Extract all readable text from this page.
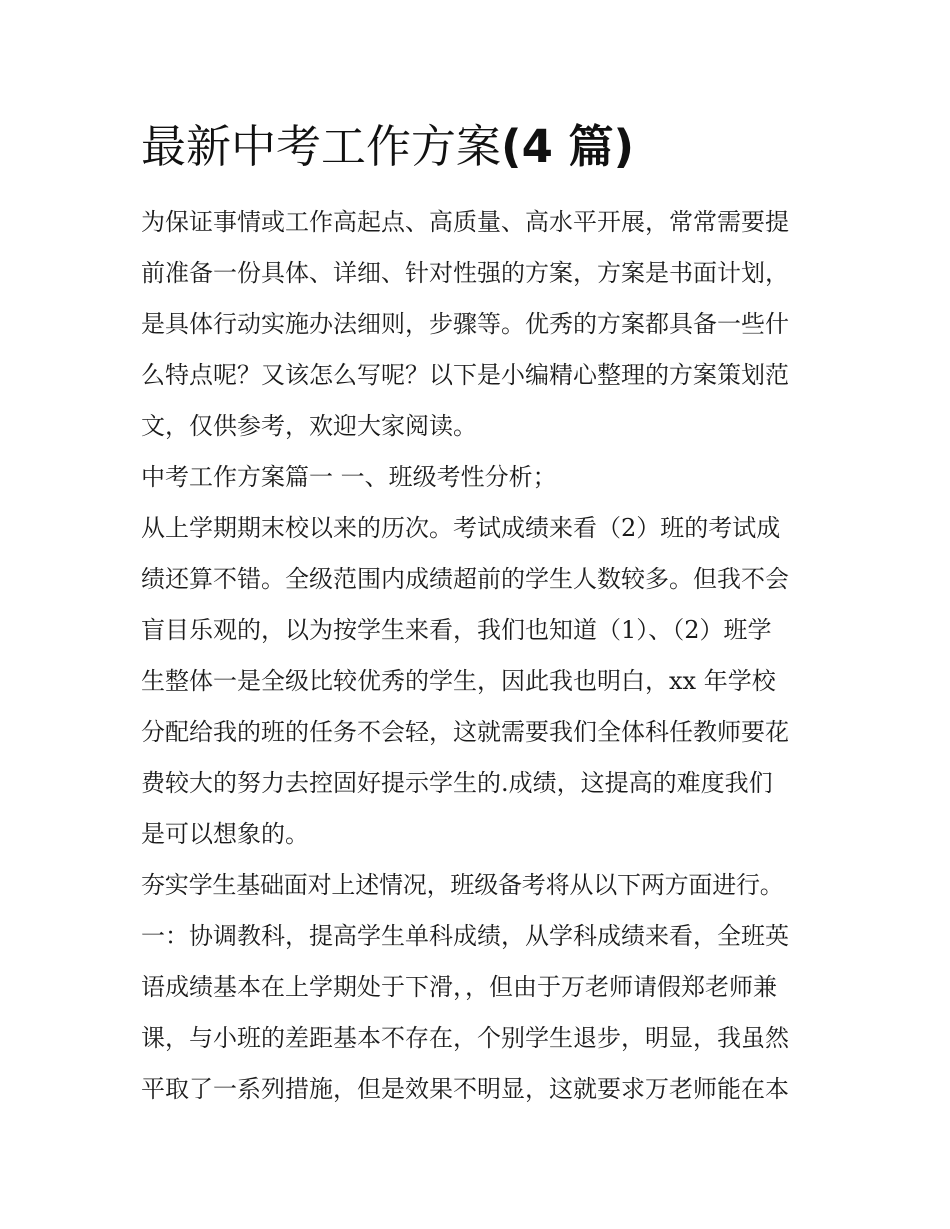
最新中考工作方案(4 篇)
为保证事情或工作高起点、高质量、高水平开展，常常需要提
前准备一份具体、详细、针对性强的方案，方案是书面计划，
是具体行动实施办法细则，步骤等。优秀的方案都具备一些什
么特点呢？又该怎么写呢？以下是小编精心整理的方案策划范
文，仅供参考，欢迎大家阅读。
中考工作方案篇一 一、班级考性分析；
从上学期期末校以来的历次。考试成绩来看（2）班的考试成
绩还算不错。全级范围内成绩超前的学生人数较多。但我不会
盲目乐观的，以为按学生来看，我们也知道（1）、（2）班学
生整体一是全级比较优秀的学生，因此我也明白，xx 年学校
分配给我的班的任务不会轻，这就需要我们全体科任教师要花
费较大的努力去控固好提示学生的.成绩，这提高的难度我们
是可以想象的。
夯实学生基础面对上述情况，班级备考将从以下两方面进行。
一：协调教科，提高学生单科成绩，从学科成绩来看，全班英
语成绩基本在上学期处于下滑，，但由于万老师请假郑老师兼
课，与小班的差距基本不存在，个别学生退步，明显，我虽然
平取了一系列措施，但是效果不明显，这就要求万老师能在本
